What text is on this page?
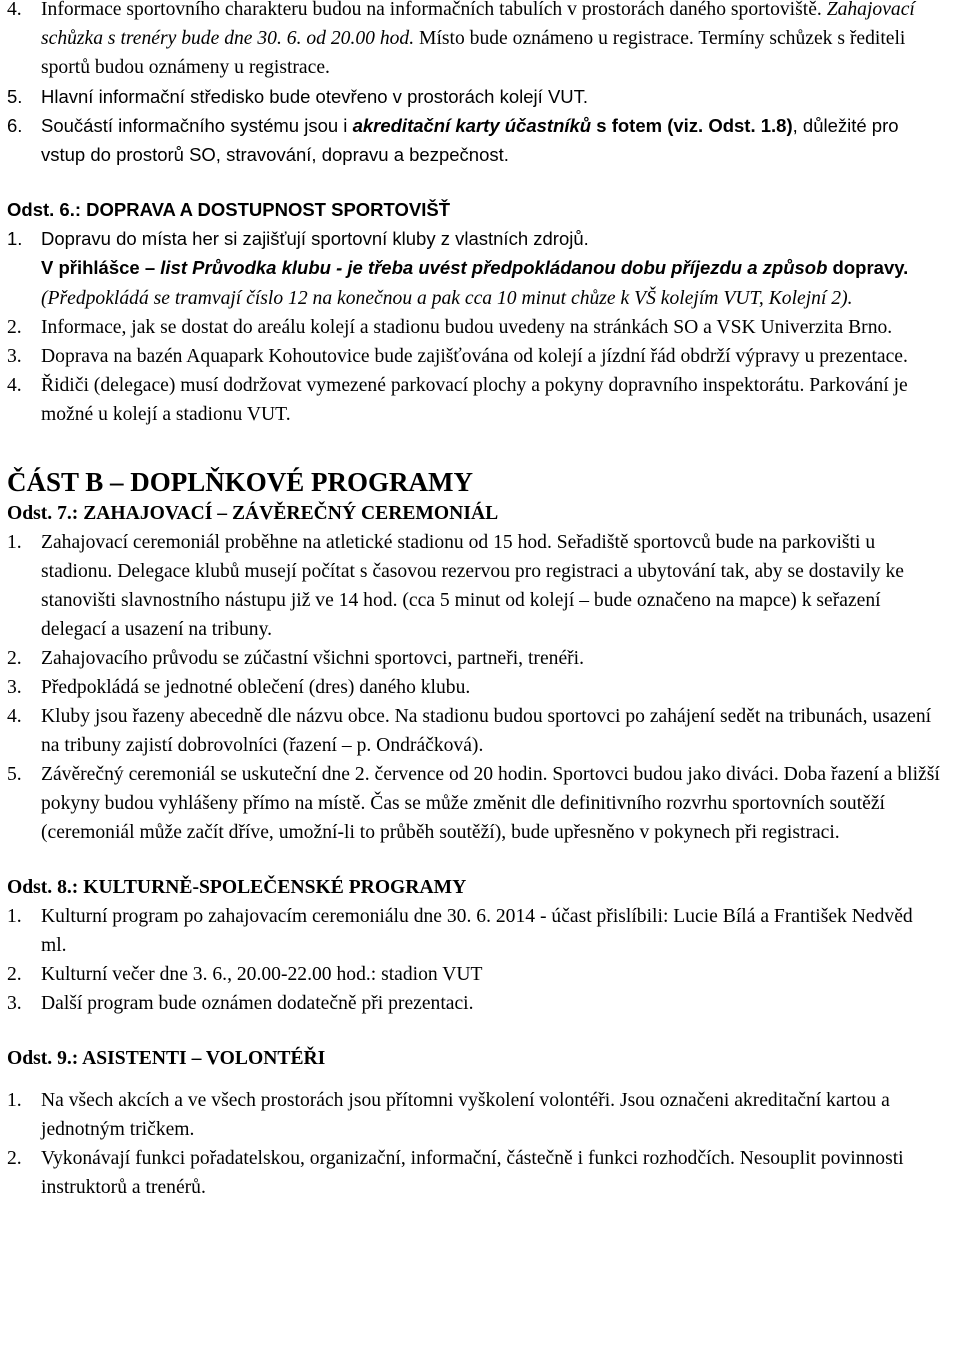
4. Informace sportovního charakteru budou na informačních tabulích v prostorách daného sportoviště. Zahajovací schůzka s trenéry bude dne 30. 6. od 20.00 hod. Místo bude oznámeno u registrace. Termíny schůzek s řediteli sportů budou oznámeny u registrace.
5.	Hlavní informační středisko bude otevřeno v prostorách kolejí VUT.
6.	Součástí informačního systému jsou i akreditační karty účastníků s fotem (viz. Odst. 1.8), důležité pro vstup do prostorů SO, stravování, dopravu a bezpečnost.
Odst. 6.: DOPRAVA A DOSTUPNOST SPORTOVIŠŤ
1.	Dopravu do místa her si zajišťují sportovní kluby z vlastních zdrojů.
V přihlášce – list Průvodka klubu - je třeba uvést předpokládanou dobu příjezdu a způsob dopravy. (Předpokládá se tramvají číslo 12 na konečnou a pak cca 10 minut chůze k VŠ kolejím VUT, Kolejní 2).
2. Informace, jak se dostat do areálu kolejí a stadionu budou uvedeny na stránkách SO a VSK Univerzita Brno.
3. Doprava na bazén Aquapark Kohoutovice bude zajišťována od kolejí a jízdní řád obdrží výpravy u prezentace.
4. Řidiči (delegace) musí dodržovat vymezené parkovací plochy a pokyny dopravního inspektorátu. Parkování je možné u kolejí a stadionu VUT.
ČÁST B – DOPLŇKOVÉ PROGRAMY
Odst. 7.: ZAHAJOVACÍ – ZÁVĚREČNÝ CEREMONIÁL
1. Zahajovací ceremoniál proběhne na atletické stadionu od 15 hod. Seřadiště sportovců bude na parkovišti u stadionu. Delegace klubů musejí počítat s časovou rezervou pro registraci a ubytování tak, aby se dostavily ke stanovišti slavnostního nástupu již ve 14 hod. (cca 5 minut od kolejí – bude označeno na mapce) k seřazení delegací a usazení na tribuny.
2. Zahajovacího průvodu se zúčastní všichni sportovci, partneři, trenéři.
3. Předpokládá se jednotné oblečení (dres) daného klubu.
4. Kluby jsou řazeny abecedně dle názvu obce. Na stadionu budou sportovci po zahájení sedět na tribunách, usazení na tribuny zajistí dobrovolníci (řazení – p. Ondráčková).
5. Závěrečný ceremoniál se uskuteční dne 2. července od 20 hodin. Sportovci budou jako diváci. Doba řazení a bližší pokyny budou vyhlášeny přímo na místě. Čas se může změnit dle definitivního rozvrhu sportovních soutěží (ceremoniál může začít dříve, umožní-li to průběh soutěží), bude upřesněno v pokynech při registraci.
Odst. 8.: KULTURNĚ-SPOLEČENSKÉ PROGRAMY
1. Kulturní program po zahajovacím ceremoniálu dne 30. 6. 2014 - účast přislíbili: Lucie Bílá a František Nedvěd ml.
2. Kulturní večer dne 3. 6., 20.00-22.00 hod.: stadion VUT
3. Další program bude oznámen dodatečně při prezentaci.
Odst. 9.: ASISTENTI – VOLONTÉŘI
1. Na všech akcích a ve všech prostorách jsou přítomni vyškolení volontéři. Jsou označeni akreditační kartou a jednotným tričkem.
2. Vykonávají funkci pořadatelskou, organizační, informační, částečně i funkci rozhodčích. Nesouplit povinnosti instruktorů a trenérů.
